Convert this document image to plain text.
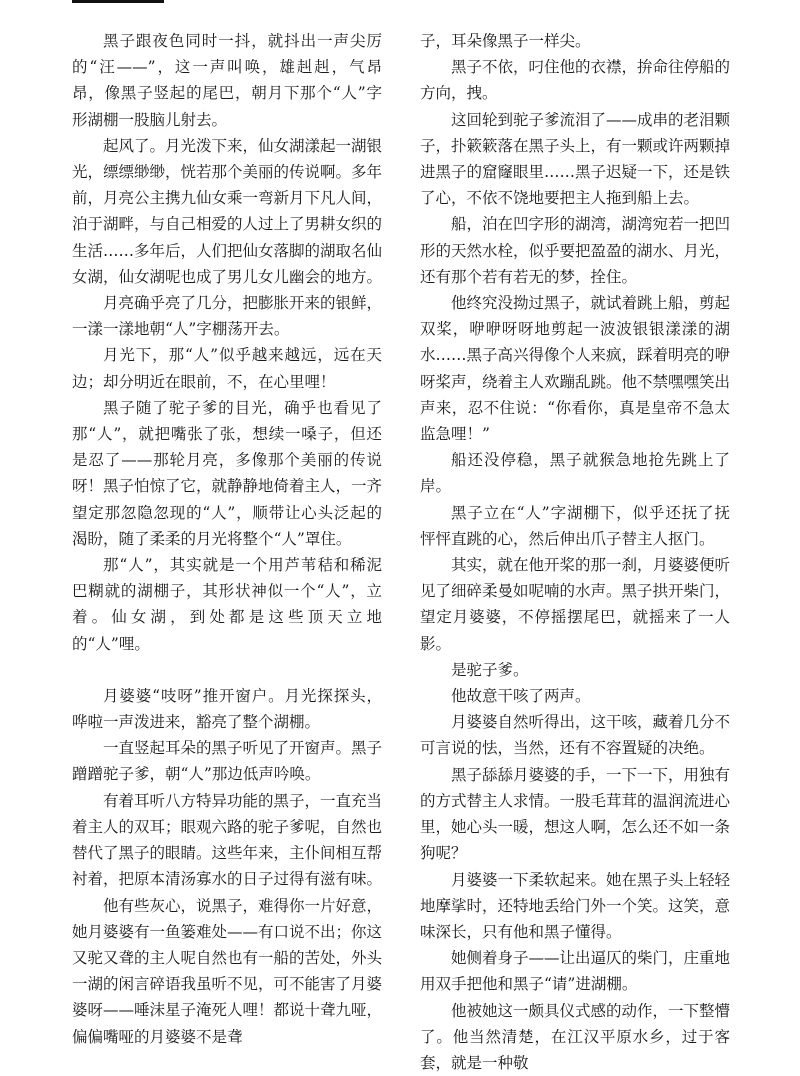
黑子跟夜色同时一抖，就抖出一声尖厉的“汪——”，这一声叫唤，雄赳赳，气昂昂，像黑子竖起的尾巴，朝月下那个“人”字形湖棚一股脑儿射去。

起风了。月光泼下来，仙女湖漾起一湖银光，缥缥缈缈，恍若那个美丽的传说啊。多年前，月亮公主携九仙女乘一弯新月下凡人间，泊于湖畔，与自己相爱的人过上了男耕女织的生活……多年后，人们把仙女落脚的湖取名仙女湖，仙女湖呢也成了男儿女儿幽会的地方。

月亮确乎亮了几分，把膨胀开来的银鲜，一漾一漾地朝“人”字棚荡开去。

月光下，那“人”似乎越来越远，远在天边；却分明近在眼前，不，在心里哩！

黑子随了驼子爹的目光，确乎也看见了那“人”，就把嘴张了张，想续一嗓子，但还是忍了——那轮月亮，多像那个美丽的传说呀！黑子怕惊了它，就静静地倚着主人，一齐望定那忽隐忽现的“人”，顺带让心头泛起的渴盼，随了柔柔的月光将整个“人”罩住。

那“人”，其实就是一个用芦苇秸和稀泥巴糊就的湖棚子，其形状神似一个“人”，立着。仙女湖，到处都是这些顶天立地的“人”哩。

月婆婆“吱呀”推开窗户。月光探探头，哗啦一声泼进来，豁亮了整个湖棚。

一直竖起耳朵的黑子听见了开窗声。黑子蹭蹭驼子爹，朝“人”那边低声吟唤。

有着耳听八方特异功能的黑子，一直充当着主人的双耳；眼观六路的驼子爹呢，自然也替代了黑子的眼睛。这些年来，主仆间相互帮衬着，把原本清汤寡水的日子过得有滋有味。

他有些灰心，说黑子，难得你一片好意，她月婆婆有一鱼篓难处——有口说不出；你这又驼又聋的主人呢自然也有一船的苦处，外头一湖的闲言碎语我虽听不见，可不能害了月婆婆呀——唾沫星子淹死人哩！都说十聋九哑，偏偏嘴哑的月婆婆不是聋

子，耳朵像黑子一样尖。

黑子不依，叼住他的衣襟，拚命往停船的方向，拽。

这回轮到驼子爹流泪了——成串的老泪颗子，扑簌簌落在黑子头上，有一颗或许两颗掉进黑子的窟窿眼里……黑子迟疑一下，还是铁了心，不依不饶地要把主人拖到船上去。

船，泊在凹字形的湖湾，湖湾宛若一把凹形的天然水栓，似乎要把盈盈的湖水、月光，还有那个若有若无的梦，拴住。

他终究没拗过黑子，就试着跳上船，剪起双桨，咿咿呀呀地剪起一波波银银漾漾的湖水……黑子高兴得像个人来疯，踩着明亮的咿呀桨声，绕着主人欢蹦乱跳。他不禁嘿嘿笑出声来，忍不住说：“你看你，真是皇帝不急太监急哩！”

船还没停稳，黑子就猴急地抢先跳上了岸。

黑子立在“人”字湖棚下，似乎还抚了抚怦怦直跳的心，然后伸出爪子替主人抠门。

其实，就在他开桨的那一刹，月婆婆便听见了细碎柔曼如呢喃的水声。黑子拱开柴门，望定月婆婆，不停摇摆尾巴，就摇来了一人影。

是驼子爹。

他故意干咳了两声。

月婆婆自然听得出，这干咳，藏着几分不可言说的怯，当然，还有不容置疑的决绝。

黑子舔舔月婆婆的手，一下一下，用独有的方式替主人求情。一股毛茸茸的温润流进心里，她心头一暖，想这人啊，怎么还不如一条狗呢？

月婆婆一下柔软起来。她在黑子头上轻轻地摩挲时，还特地丢给门外一个笑。这笑，意味深长，只有他和黑子懂得。

她侧着身子——让出逼仄的柴门，庄重地用双手把他和黑子“请”进湖棚。

他被她这一颇具仪式感的动作，一下整懵了。他当然清楚，在江汉平原水乡，过于客套，就是一种敬
